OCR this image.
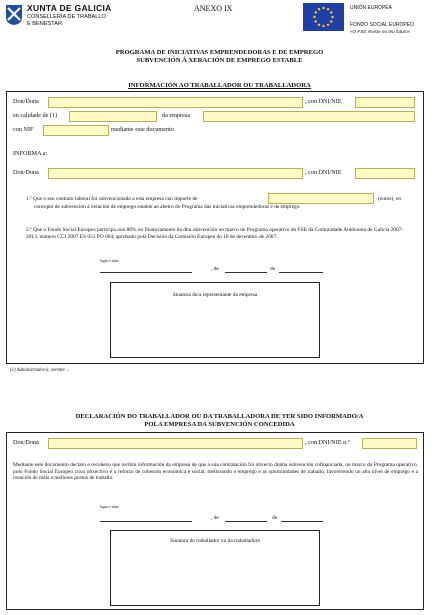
XUNTA DE GALICIA
CONSELLERÍA DE TRABALLO
E BENESTAR
ANEXO IX	UNIÓN EUROPEA
FONDO SOCIAL EUROPEO
«O FSE inviste no teu futuro»
PROGRAMA DE INICIATIVAS EMPRENDEDORAS E DE EMPREGO
SUBVENCIÓN Á XERACIÓN DE EMPREGO ESTABLE
INFORMACIÓN AO TRABALLADOR OU TRABALLADORA
Don/Dona	, con DNI/NIE
en calidade de (1)	da empresa
con NIF	mediante este documento
INFORMA a:
Don/Dona	, con DNI/NIE
1.º Que o seu contrato laboral foi subvencionado a esta empresa cun importe de	(euros), en
concepto de subvención á xeración de emprego estable ao abeiro do Programa das iniciativas emprendedoras e de emprego.
2.º Que o Fondo Social Europeo participa nun 80% no financiamento da dita subvención no marco do Programa operativo do FSE da Comunidade Autónoma de Galicia 2007-2013, número CCI 2007 ES 051 PO 004, aprobado pola Decisión da Comisión Europea do 18 de decembro de 2007.
lugar e data
, de	de
Sinatura do/a representante da empresa
(1) Administrador/a, xerente ...
DECLARACIÓN DO TRABALLADOR OU DA TRABALLADORA DE TER SIDO INFORMADO/A
POLA EMPRESA DA SUBVENCIÓN CONCEDIDA
Don/Dona	, con DNI/NIE n.º
Mediante este documento declaro e recoñezo que recibín información da empresa de que a súa contratación foi obxecto dunha subvención cofinanciada, no marco do Programa operativo, polo Fondo Social Europeo cuxo obxectivo é o reforzo de cohesión económica e social, mellorando o emprego e as oportunidades de traballo, favorecendo un alto nivel de emprego e a creación de máis e mellores postos de traballo.
lugar e data
, de	de
Sinatura do traballador ou da traballadora
